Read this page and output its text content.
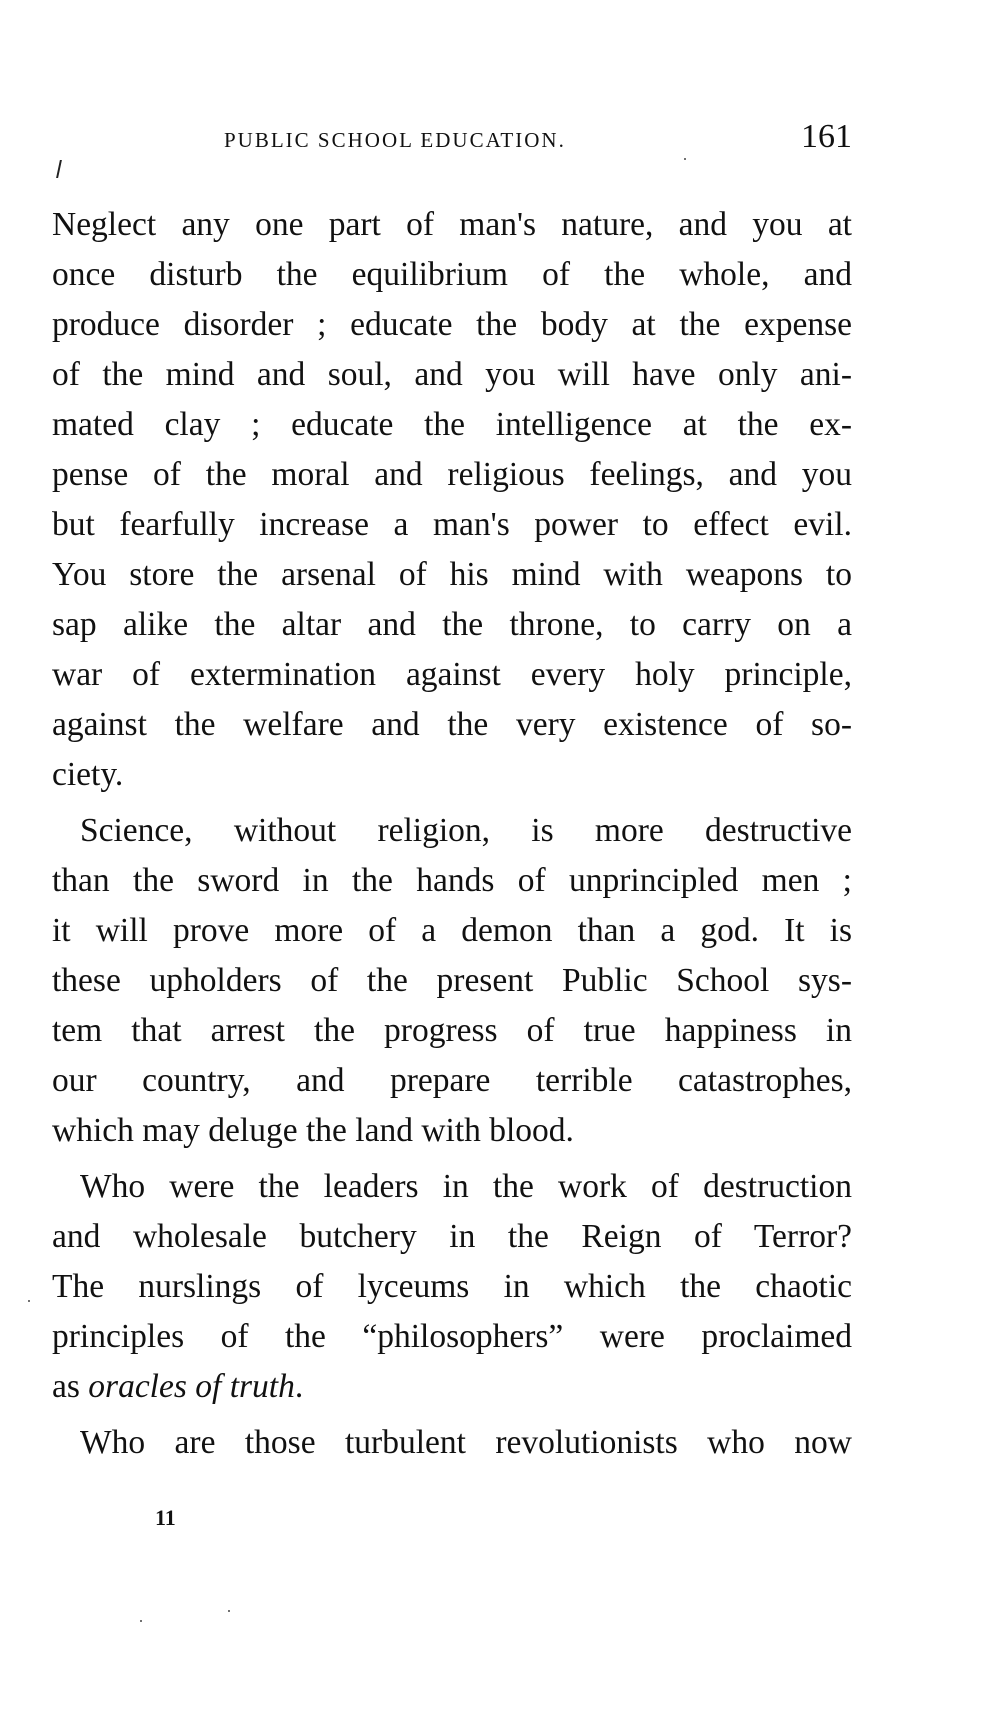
PUBLIC SCHOOL EDUCATION.	161
Neglect any one part of man's nature, and you at
once disturb the equilibrium of the whole, and
produce disorder ; educate the body at the expense
of the mind and soul, and you will have only ani-
mated clay ; educate the intelligence at the ex-
pense of the moral and religious feelings, and you
but fearfully increase a man's power to effect evil.
You store the arsenal of his mind with weapons to
sap alike the altar and the throne, to carry on a
war of extermination against every holy principle,
against the welfare and the very existence of so-
ciety.
Science, without religion, is more destructive
than the sword in the hands of unprincipled men ;
it will prove more of a demon than a god. It is
these upholders of the present Public School sys-
tem that arrest the progress of true happiness in
our country, and prepare terrible catastrophes,
which may deluge the land with blood.
Who were the leaders in the work of destruction
and wholesale butchery in the Reign of Terror?
The nurslings of lyceums in which the chaotic
principles of the “philosophers” were proclaimed
as oracles of truth.
Who are those turbulent revolutionists who now
11
